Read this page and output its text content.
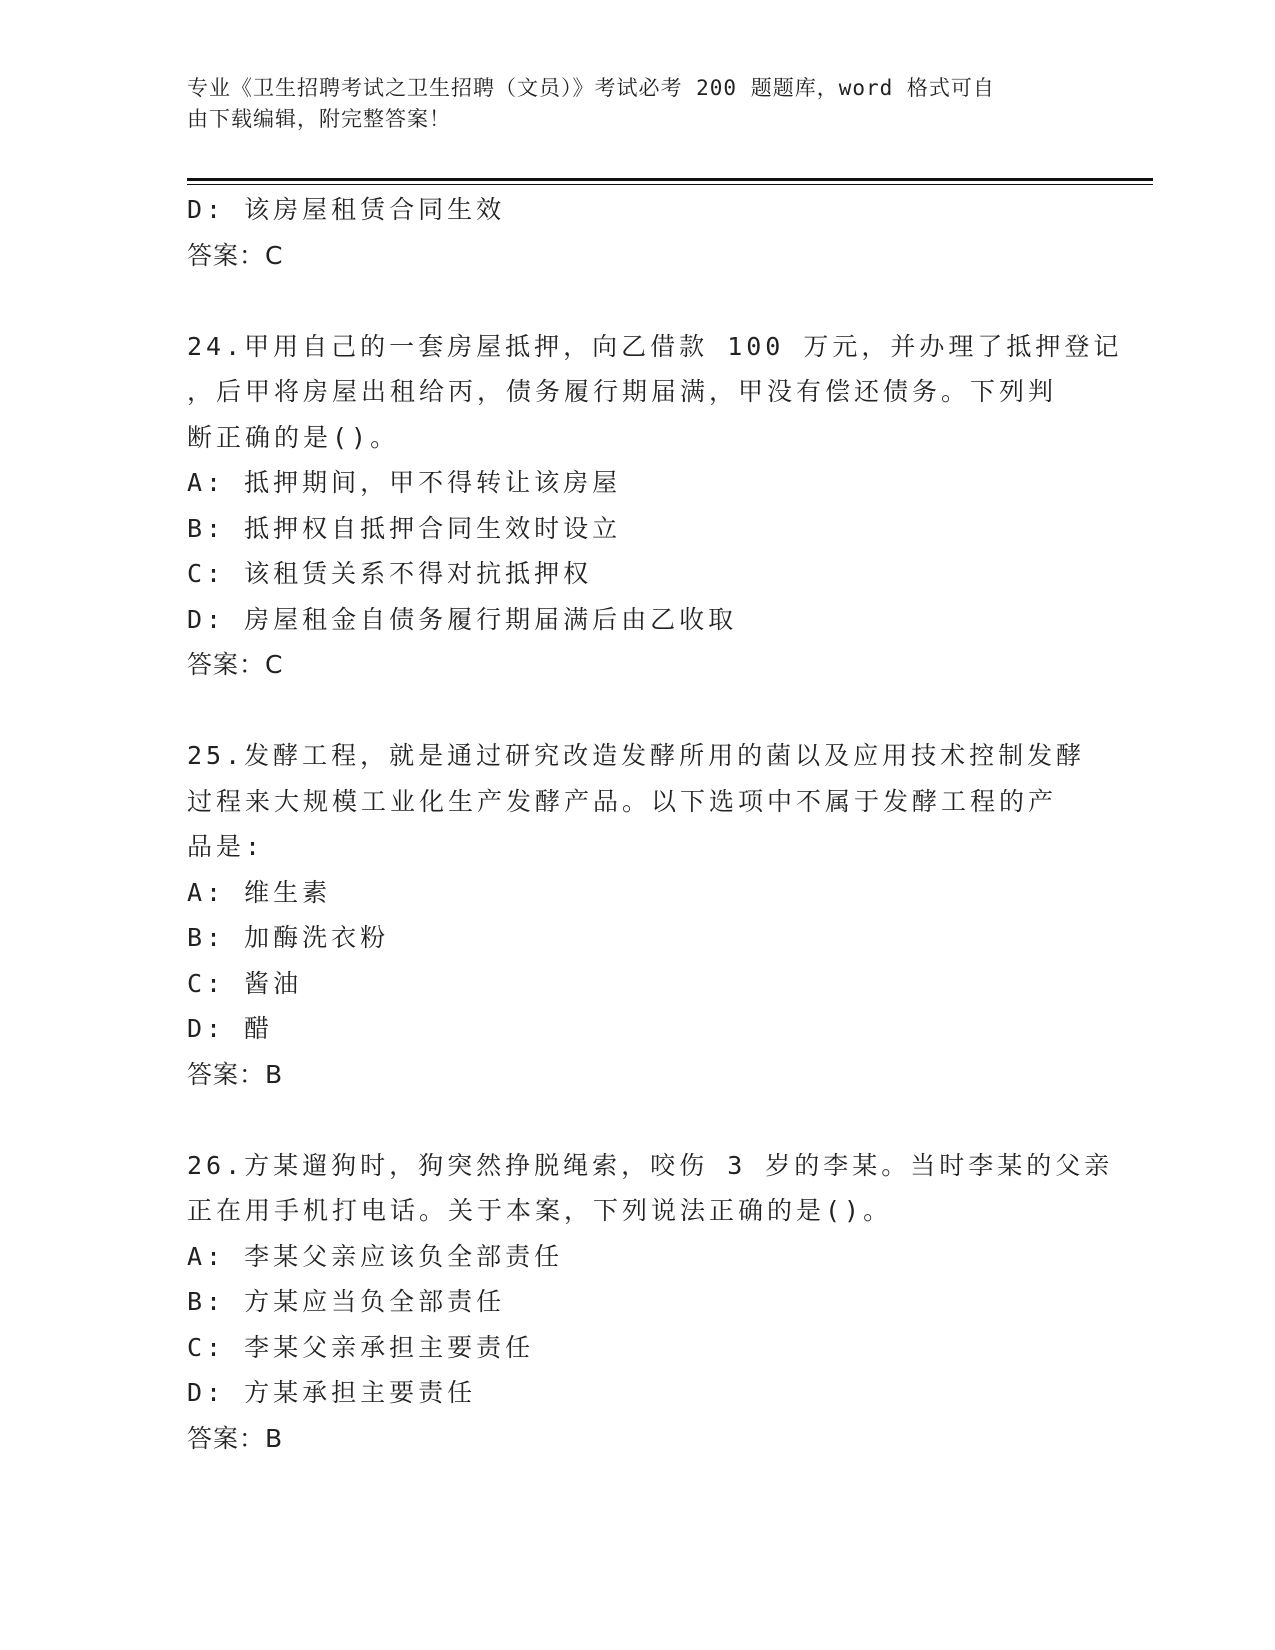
专业《卫生招聘考试之卫生招聘（文员）》考试必考 200 题题库，word 格式可自
由下载编辑，附完整答案！

D: 该房屋租赁合同生效

答案：C

24.甲用自己的一套房屋抵押，向乙借款 100 万元，并办理了抵押登记

，后甲将房屋出租给丙，债务履行期届满，甲没有偿还债务。下列判

断正确的是()。

A: 抵押期间，甲不得转让该房屋

B: 抵押权自抵押合同生效时设立

C: 该租赁关系不得对抗抵押权

D: 房屋租金自债务履行期届满后由乙收取

答案：C

25.发酵工程，就是通过研究改造发酵所用的菌以及应用技术控制发酵

过程来大规模工业化生产发酵产品。以下选项中不属于发酵工程的产

品是:

A: 维生素

B: 加酶洗衣粉

C: 酱油

D: 醋

答案：B

26.方某遛狗时，狗突然挣脱绳索，咬伤 3 岁的李某。当时李某的父亲

正在用手机打电话。关于本案，下列说法正确的是()。

A: 李某父亲应该负全部责任

B: 方某应当负全部责任

C: 李某父亲承担主要责任

D: 方某承担主要责任

答案：B
